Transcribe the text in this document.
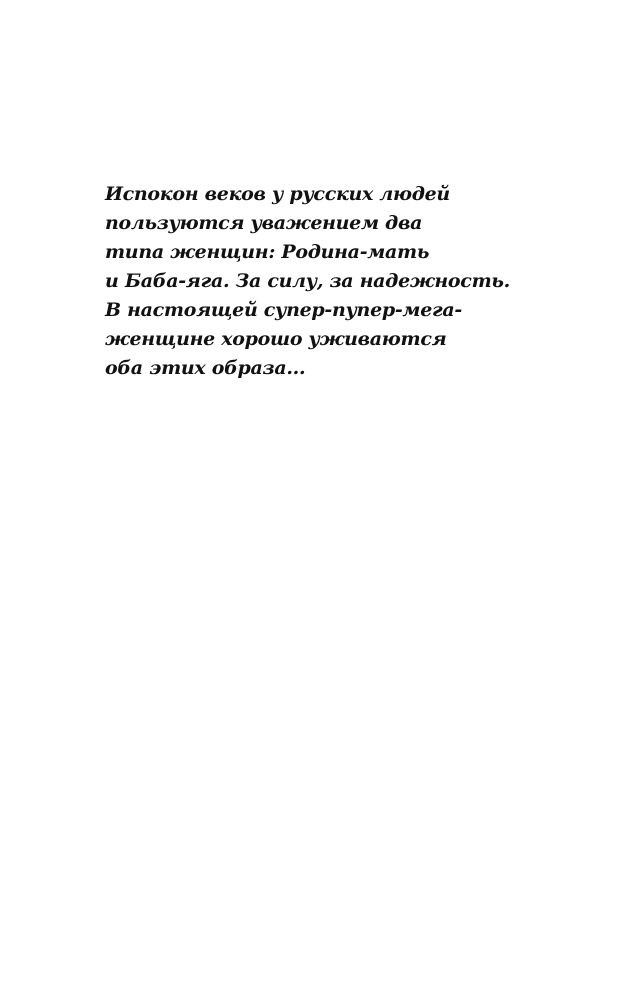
Испокон веков у русских людей
пользуются уважением два
типа женщин: Родина-мать
и Баба-яга. За силу, за надежность.
В настоящей супер-пупер-мега-
женщине хорошо уживаются
оба этих образа...
